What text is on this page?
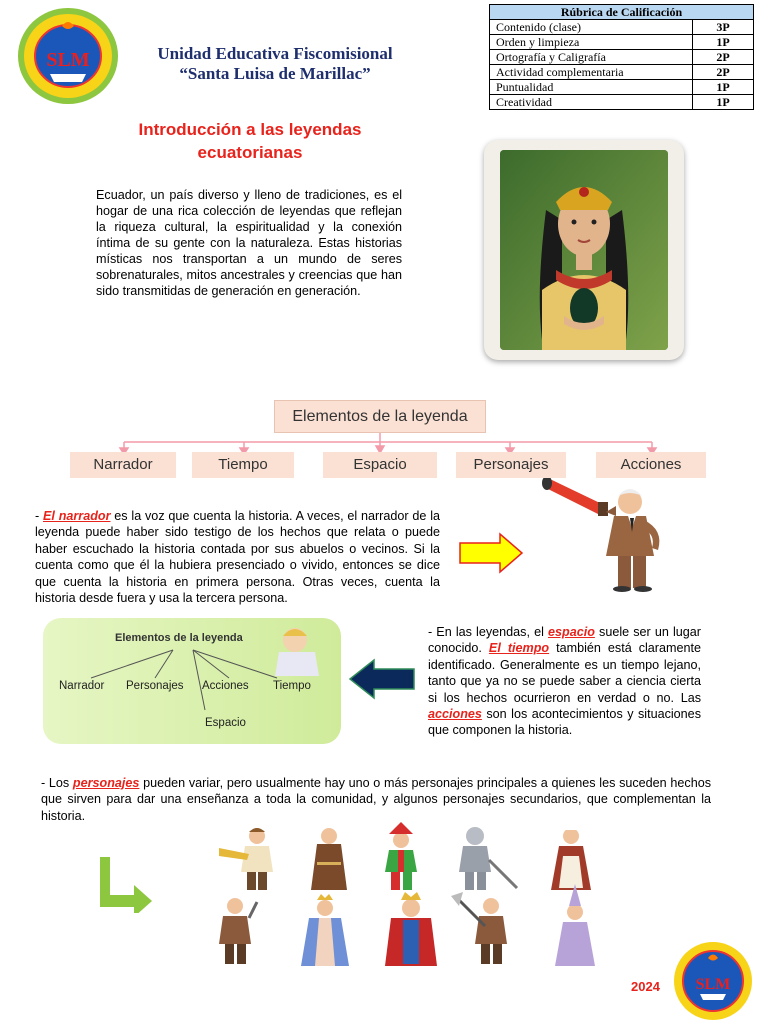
SLM	Unidad Educativa Fiscomisional
“Santa Luisa de Marillac”
Rúbrica de Calificación	
Contenido (clase)	3P
Orden y limpieza	1P
Ortografía y Caligrafía	2P
Actividad complementaria	2P
Puntualidad	1P
Creatividad	1P
Introducción a las leyendas ecuatorianas
Ecuador, un país diverso y lleno de tradiciones, es el hogar de una rica colección de leyendas que reflejan la riqueza cultural, la espiritualidad y la conexión íntima de su gente con la naturaleza. Estas historias místicas nos transportan a un mundo de seres sobrenaturales, mitos ancestrales y creencias que han sido transmitidas de generación en generación.
Elementos de la leyenda
Narrador	Tiempo	Espacio	Personajes	Acciones
- El narrador es la voz que cuenta la historia. A veces, el narrador de la leyenda puede haber sido testigo de los hechos que relata o puede haber escuchado la historia contada por sus abuelos o vecinos. Si la cuenta como que él la hubiera presenciado o vivido, entonces se dice que cuenta la historia en primera persona. Otras veces, cuenta la historia desde fuera y usa la tercera persona.
Elementos de la leyenda
Narrador Personajes Acciones Tiempo
Espacio
- En las leyendas, el espacio suele ser un lugar conocido. El tiempo también está claramente identificado. Generalmente es un tiempo lejano, tanto que ya no se puede saber a ciencia cierta si los hechos ocurrieron en verdad o no. Las acciones son los acontecimientos y situaciones que componen la historia.
- Los personajes pueden variar, pero usualmente hay uno o más personajes principales a quienes les suceden hechos que sirven para dar una enseñanza a toda la comunidad, y algunos personajes secundarios, que complementan la historia.
SLM
2024
